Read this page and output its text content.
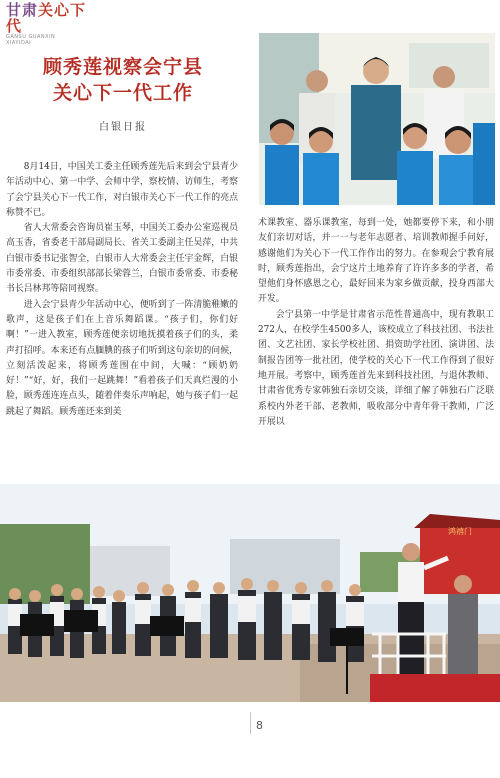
甘肃关心下代
GANSU GUANXIN
XIAYIDAI
顾秀莲视察会宁县
关心下一代工作
白银日报

8月14日，中国关工委主任顾秀莲先后来到会宁县青少年活动中心、第一中学、会师中学，察校情、访师生，考察了会宁县关心下一代工作，对白银市关心下一代工作的亮点称赞不已。

省人大常委会咨询员崔玉琴，中国关工委办公室巡视员高玉香，省委老干部局副局长、省关工委副主任吴萍，中共白银市委书记张智全，白银市人大常委会主任宇金辉，白银市委常委、市委组织部部长梁蓉兰，白银市委常委、市委秘书长吕林邦等陪同视察。

进入会宁县青少年活动中心，便听到了一阵清脆稚嫩的歌声，这是孩子们在上音乐舞蹈课。“孩子们，你们好啊！”一进入教室，顾秀莲便亲切地抚摸着孩子们的头，柔声打招呼。本来还有点腼腆的孩子们听到这句亲切的问候，立刻活泼起来，将顾秀莲围在中间，大喊：“顾奶奶好！”“好，好，我们一起跳舞！”看着孩子们天真烂漫的小脸，顾秀莲连连点头，随着伴奏乐声响起，她与孩子们一起跳起了舞蹈。顾秀莲还来到美

术课教室、器乐课教室，每到一处，她都要停下来，和小朋友们亲切对话，并一一与老年志愿者、培训教师握手问好，感谢他们为关心下一代工作作出的努力。在参观会宁教育展时，顾秀莲指出，会宁这片土地养育了许许多多的学者，希望他们身怀感恩之心，最好回来为家乡做贡献，投身西部大开发。

会宁县第一中学是甘肃省示范性普通高中，现有教职工272人，在校学生4500多人，该校成立了科技社团、书法社团、文艺社团、家长学校社团、捐资助学社团、演讲团、法制报告团等一批社团，使学校的关心下一代工作得到了很好地开展。考察中，顾秀莲首先来到科技社团，与退休教师、甘肃省优秀专家韩独石亲切交谈，详细了解了韩独石广泛联系校内外老干部、老教师，吸收部分中青年骨干教师，广泛开展以

鸿禧门
8
